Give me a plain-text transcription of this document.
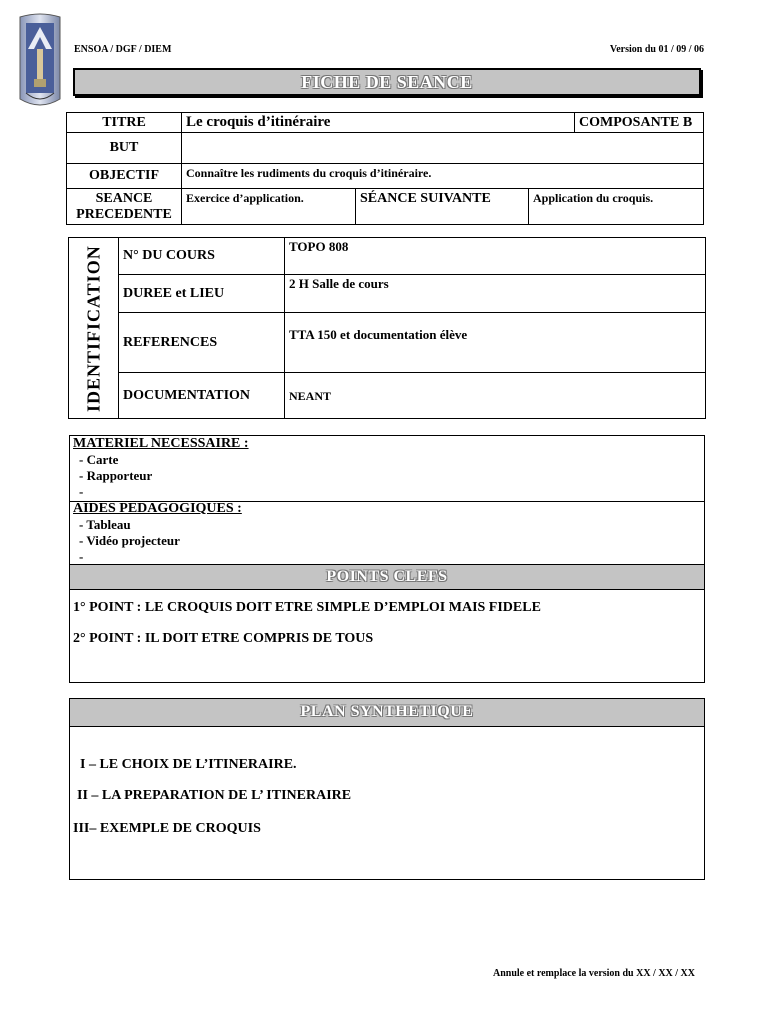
ENSOA / DGF / DIEM	Version du 01 / 09 / 06
FICHE DE SEANCE
TITRE	Le croquis d’itinéraire			COMPOSANTE B
BUT				
OBJECTIF	Connaître les rudiments du croquis d’itinéraire.			

SEANCE
PRECEDENTE	Exercice d’application.	SÉANCE SUIVANTE	Application du croquis.	
IDENTIFICATION	N° DU COURS	TOPO 808
	DUREE et LIEU	2 H Salle de cours
	REFERENCES	TTA 150 et documentation élève
	DOCUMENTATION	NEANT
MATERIEL NECESSAIRE :
- Carte
- Rapporteur
-
AIDES PEDAGOGIQUES :
- Tableau
- Vidéo projecteur
-
POINTS CLEFS
1° POINT : LE CROQUIS DOIT ETRE SIMPLE D’EMPLOI MAIS FIDELE
2° POINT : IL DOIT ETRE COMPRIS DE TOUS
PLAN SYNTHETIQUE
I – LE CHOIX DE L’ITINERAIRE.
II – LA PREPARATION DE L’ ITINERAIRE
III– EXEMPLE DE CROQUIS
Annule et remplace la version du XX / XX / XX
